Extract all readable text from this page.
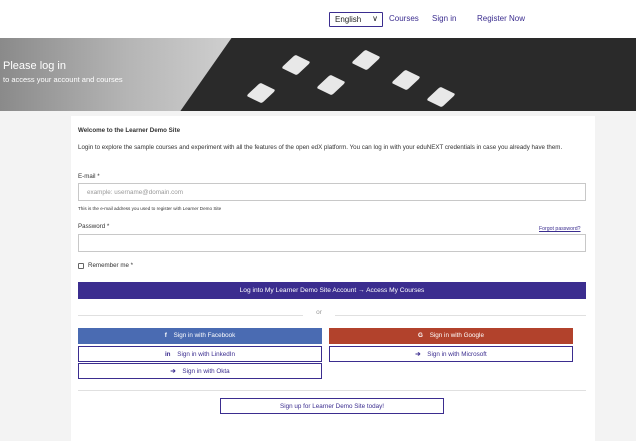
English ∨ Courses Sign in	Register Now
Please log in
to access your account and courses
Welcome to the Learner Demo Site
Login to explore the sample courses and experiment with all the features of the open edX platform. You can log in with your eduNEXT credentials in case you already have them.
E-mail *
example: username@domain.com
This is the e-mail address you used to register with Learner Demo Site
Password *	Forgot password?
Remember me *
Log into My Learner Demo Site Account → Access My Courses
or
f Sign in with Facebook	G Sign in with Google
in Sign in with LinkedIn	➔ Sign in with Microsoft
➔ Sign in with Okta
Sign up for Learner Demo Site today!
